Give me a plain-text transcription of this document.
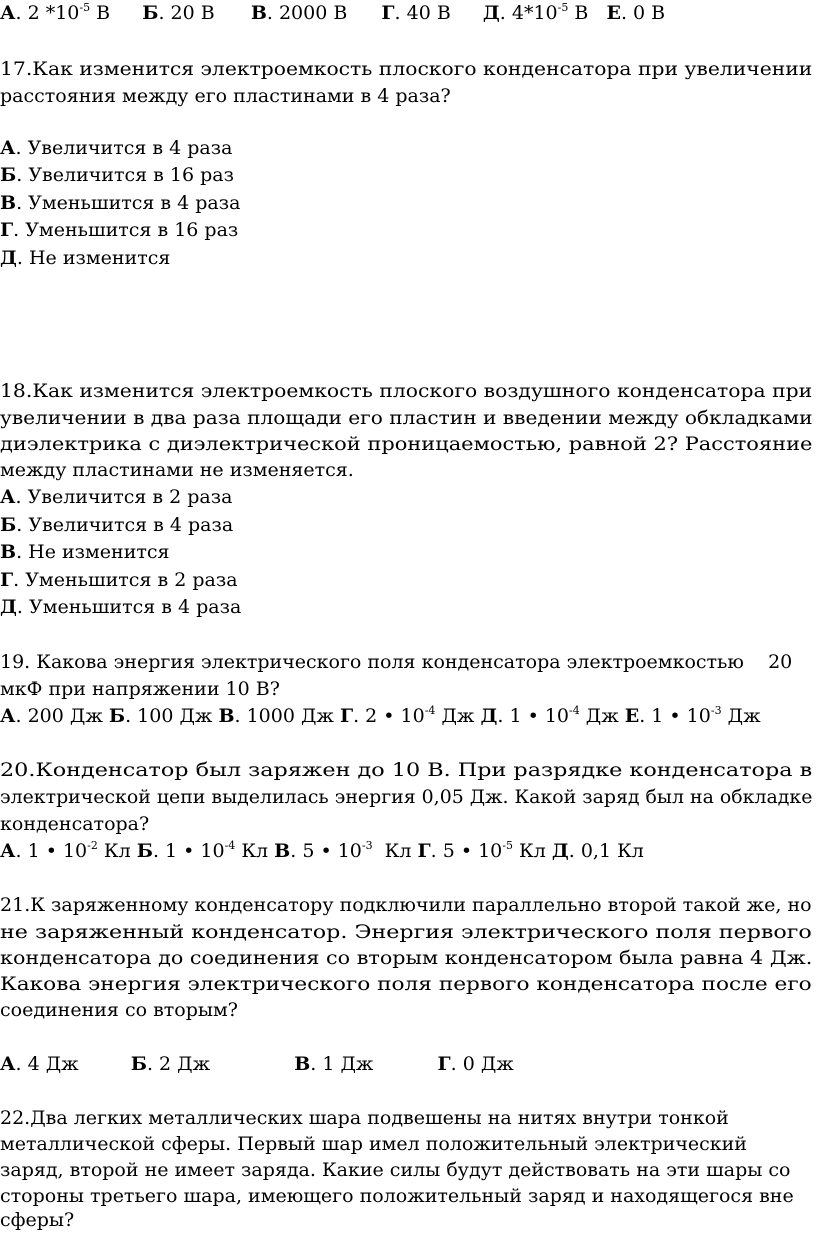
А. 2 $*10^{-5}$ В Б. 20 В В. 2000 В Г. 40 В Д. $4*10^{-5}$ В Е. 0 В
17.Как изменится электроемкость плоского конденсатора при увеличении
расстояния между его пластинами в 4 раза?
А. Увеличится в 4 раза
Б. Увеличится в 16 раз
В. Уменьшится в 4 раза
Г. Уменьшится в 16 раз
Д. Не изменится
18.Как изменится электроемкость плоского воздушного конденсатора при
увеличении в два раза площади его пластин и введении между обкладками
диэлектрика с диэлектрической проницаемостью, равной 2? Расстояние
между пластинами не изменяется.
А. Увеличится в 2 раза
Б. Увеличится в 4 раза
В. Не изменится
Г. Уменьшится в 2 раза
Д. Уменьшится в 4 раза
19. Какова энергия электрического поля конденсатора электроемкостью    20
мкФ при напряжении 10 В?
А. 200 Дж Б. 100 Дж В. 1000 Дж Г. 2 • $10^{-4}$ Дж Д. 1 • $10^{-4}$ Дж Е. 1 • $10^{-3}$ Дж
20.Конденсатор был заряжен до 10 В. При разрядке конденсатора в
электрической цепи выделилась энергия 0,05 Дж. Какой заряд был на обкладке
конденсатора?
А. 1 • $10^{-2}$ Кл Б. 1 • $10^{-4}$ Кл В. 5 • $10^{-3}$  Кл Г. 5 • $10^{-5}$ Кл Д. 0,1 Кл
21.К заряженному конденсатору подключили параллельно второй такой же, но
не заряженный конденсатор. Энергия электрического поля первого
конденсатора до соединения со вторым конденсатором была равна 4 Дж.
Какова энергия электрического поля первого конденсатора после его
соединения со вторым?
А. 4 Дж	Б. 2 Дж	В. 1 Дж	Г. 0 Дж
22.Два легких металлических шара подвешены на нитях внутри тонкой
металлической сферы. Первый шар имел положительный электрический
заряд, второй не имеет заряда. Какие силы будут действовать на эти шары со
стороны третьего шара, имеющего положительный заряд и находящегося вне
сферы?
